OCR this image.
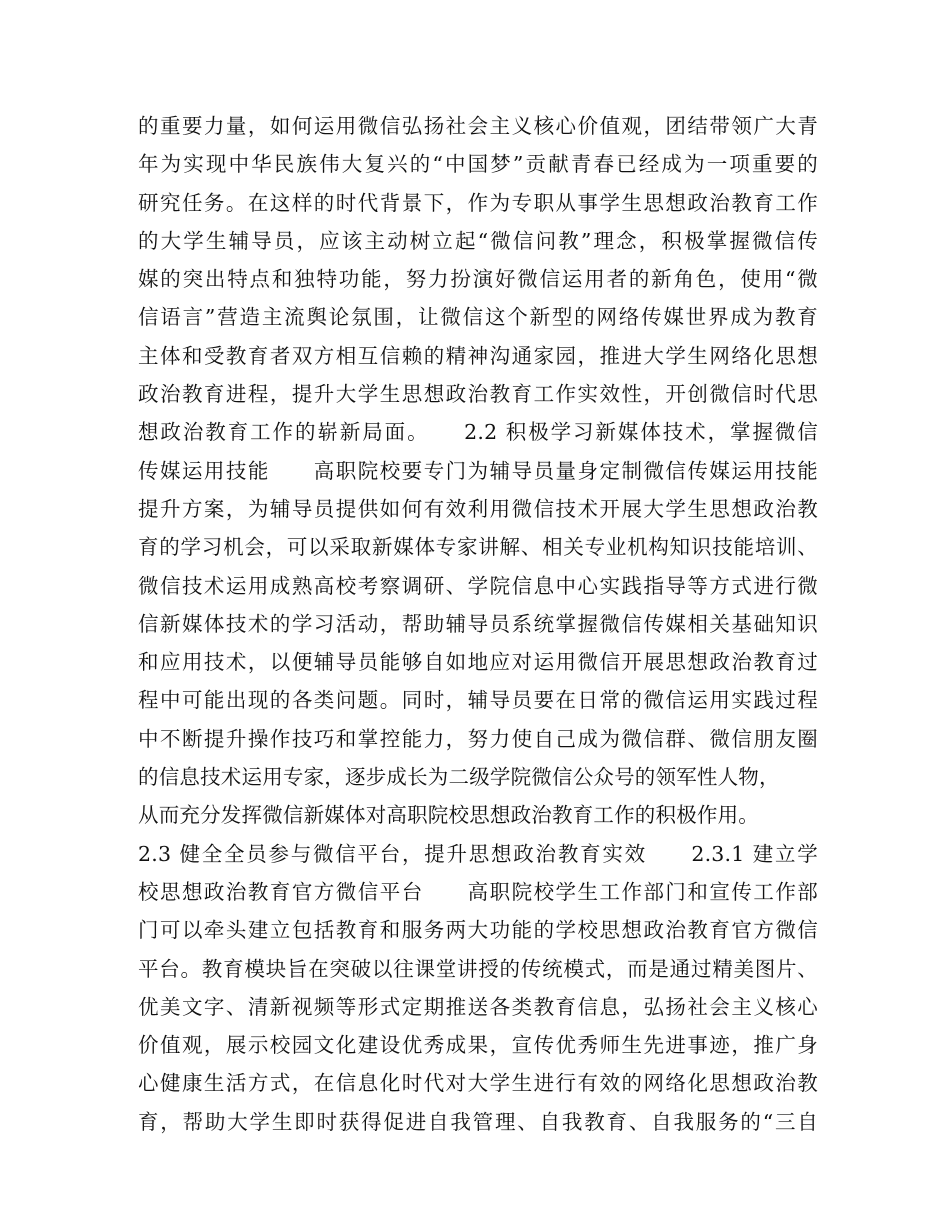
的重要力量，如何运用微信弘扬社会主义核心价值观，团结带领广大青
年为实现中华民族伟大复兴的“中国梦”贡献青春已经成为一项重要的
研究任务。在这样的时代背景下，作为专职从事学生思想政治教育工作
的大学生辅导员，应该主动树立起“微信问教”理念，积极掌握微信传
媒的突出特点和独特功能，努力扮演好微信运用者的新角色，使用“微
信语言”营造主流舆论氛围，让微信这个新型的网络传媒世界成为教育
主体和受教育者双方相互信赖的精神沟通家园，推进大学生网络化思想
政治教育进程，提升大学生思想政治教育工作实效性，开创微信时代思
想政治教育工作的崭新局面。　　2.2 积极学习新媒体技术，掌握微信
传媒运用技能　　高职院校要专门为辅导员量身定制微信传媒运用技能
提升方案，为辅导员提供如何有效利用微信技术开展大学生思想政治教
育的学习机会，可以采取新媒体专家讲解、相关专业机构知识技能培训、
微信技术运用成熟高校考察调研、学院信息中心实践指导等方式进行微
信新媒体技术的学习活动，帮助辅导员系统掌握微信传媒相关基础知识
和应用技术，以便辅导员能够自如地应对运用微信开展思想政治教育过
程中可能出现的各类问题。同时，辅导员要在日常的微信运用实践过程
中不断提升操作技巧和掌控能力，努力使自己成为微信群、微信朋友圈
的信息技术运用专家，逐步成长为二级学院微信公众号的领军性人物，
从而充分发挥微信新媒体对高职院校思想政治教育工作的积极作用。
2.3 健全全员参与微信平台，提升思想政治教育实效　　2.3.1 建立学
校思想政治教育官方微信平台　　高职院校学生工作部门和宣传工作部
门可以牵头建立包括教育和服务两大功能的学校思想政治教育官方微信
平台。教育模块旨在突破以往课堂讲授的传统模式，而是通过精美图片、
优美文字、清新视频等形式定期推送各类教育信息，弘扬社会主义核心
价值观，展示校园文化建设优秀成果，宣传优秀师生先进事迹，推广身
心健康生活方式，在信息化时代对大学生进行有效的网络化思想政治教
育，帮助大学生即时获得促进自我管理、自我教育、自我服务的“三自
